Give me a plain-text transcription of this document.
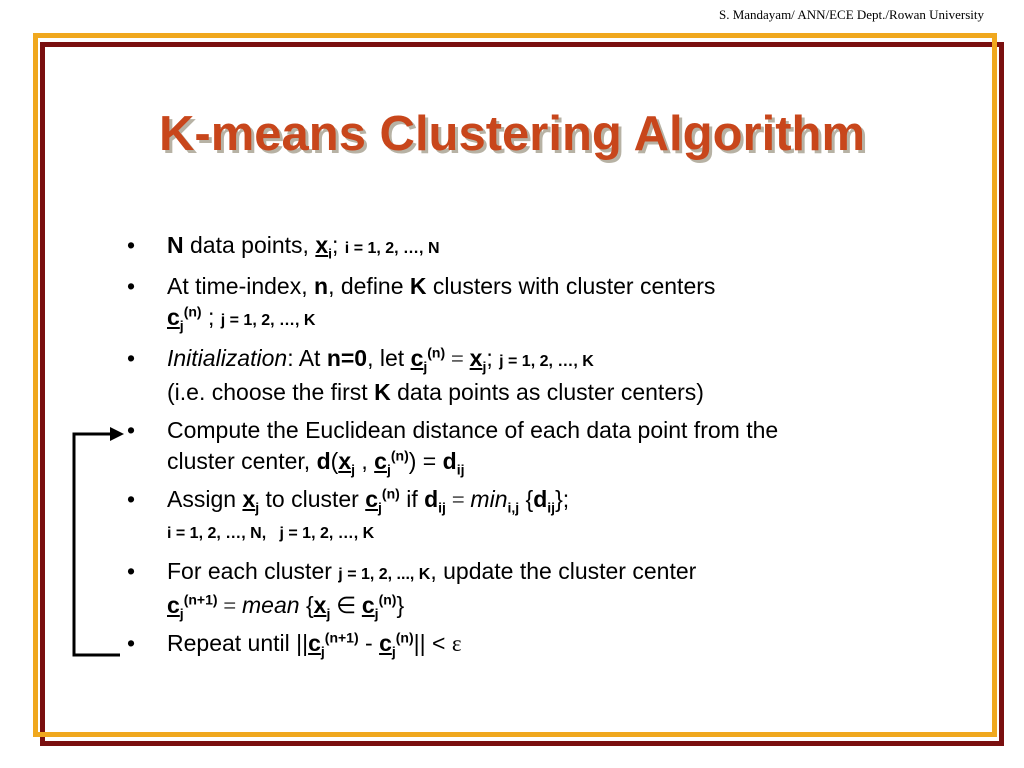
S. Mandayam/ ANN/ECE Dept./Rowan University
K-means Clustering Algorithm
• N data points, $x_i$; i = 1, 2, …, N
• At time-index, n, define K clusters with cluster centers
$c_j^{(n)}$ ; j = 1, 2, …, K
• Initialization: At n=0, let $c_j^{(n)} = x_j$; j = 1, 2, …, K
(i.e. choose the first K data points as cluster centers)
• Compute the Euclidean distance of each data point from the
cluster center, $d(x_j$ , $c_j^{(n)}) = d_{ij}$
• Assign $x_j$ to cluster $c_j^{(n)}$ if $d_{ij} = \min_{i,j} \{d_{ij}\}$;
i = 1, 2, …, N,   j = 1, 2, …, K
• For each cluster j = 1, 2, ..., K, update the cluster center
$c_j^{(n+1)}$ = mean {$x_j$ ∈ $c_j^{(n)}$}
• Repeat until $||c_j^{(n+1)} - c_j^{(n)}|| < \varepsilon$
